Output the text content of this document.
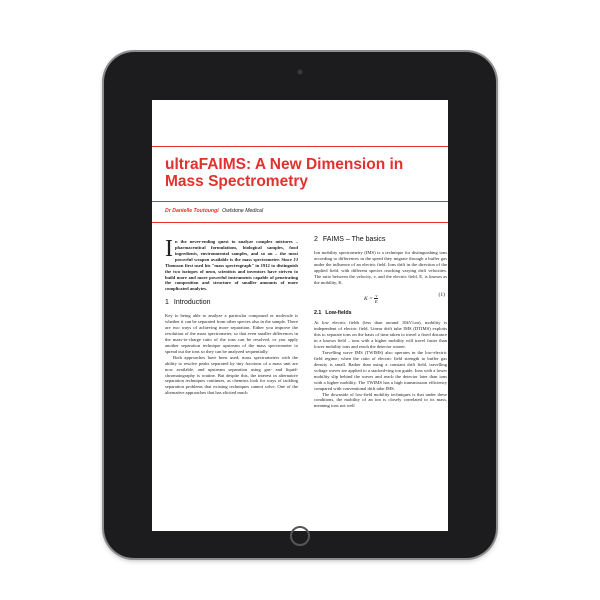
ultraFAIMS: A New Dimension in Mass Spectrometry
Dr Danielle Toutoungi Owlstone Medical

In the never-ending quest to analyze complex mixtures – pharmaceutical formulations, biological samples, food ingredients, environmental samples, and so on – the most powerful weapon available is the mass spectrometer. Since JJ Thomson first used his "mass spectrograph" in 1912 to distinguish the two isotopes of neon, scientists and inventors have striven to build more and more powerful instruments capable of penetrating the composition and structure of smaller amounts of more complicated analytes.

1 Introduction

Key to being able to analyze a particular compound or molecule is whether it can be separated from other species also in the sample. There are two ways of achieving more separation. Either you improve the resolution of the mass spectrometer, so that even smaller differences in the mass-to-charge ratio of the ions can be resolved, or you apply another separation technique upstream of the mass spectrometer to spread out the ions so they can be analyzed sequentially.

Both approaches have been used; mass spectrometers with the ability to resolve peaks separated by tiny fractions of a mass unit are now available, and upstream separation using gas- and liquid-chromatography is routine. But despite this, the interest in alternative separation techniques continues, as chemists look for ways of tackling separation problems that existing techniques cannot solve. One of the alternative approaches that has elicited much

2 FAIMS – The basics

Ion mobility spectrometry (IMS) is a technique for distinguishing ions according to differences in the speed they migrate through a buffer gas under the influence of an electric field. Ions drift in the direction of the applied field, with different species reaching varying drift velocities. The ratio between the velocity, v, and the electric field, E, is known as the mobility, K.

$K = \frac{v}{E}$	(1)
2.1 Low-fields

At low electric fields (less than around 10kV/cm), mobility is independent of electric field. Linear drift tube IMS (DTIMS) exploits this to separate ions on the basis of time taken to travel a fixed distance in a known field – ions with a higher mobility will travel faster than lower mobility ions and reach the detector sooner.

Travelling wave IMS (TWIMS) also operates in the low-electric field regime; when the ratio of electric field strength to buffer gas density is small. Rather than using a constant drift field, travelling voltage waves are applied to a stacked-ring ion guide. Ions with a lower mobility slip behind the waves and reach the detector later than ions with a higher mobility. The TWIMS has a high transmission efficiency compared with conventional drift tube IMS.

The downside of low-field mobility techniques is that under these conditions, the mobility of an ion is closely correlated to its mass, meaning ions not well
